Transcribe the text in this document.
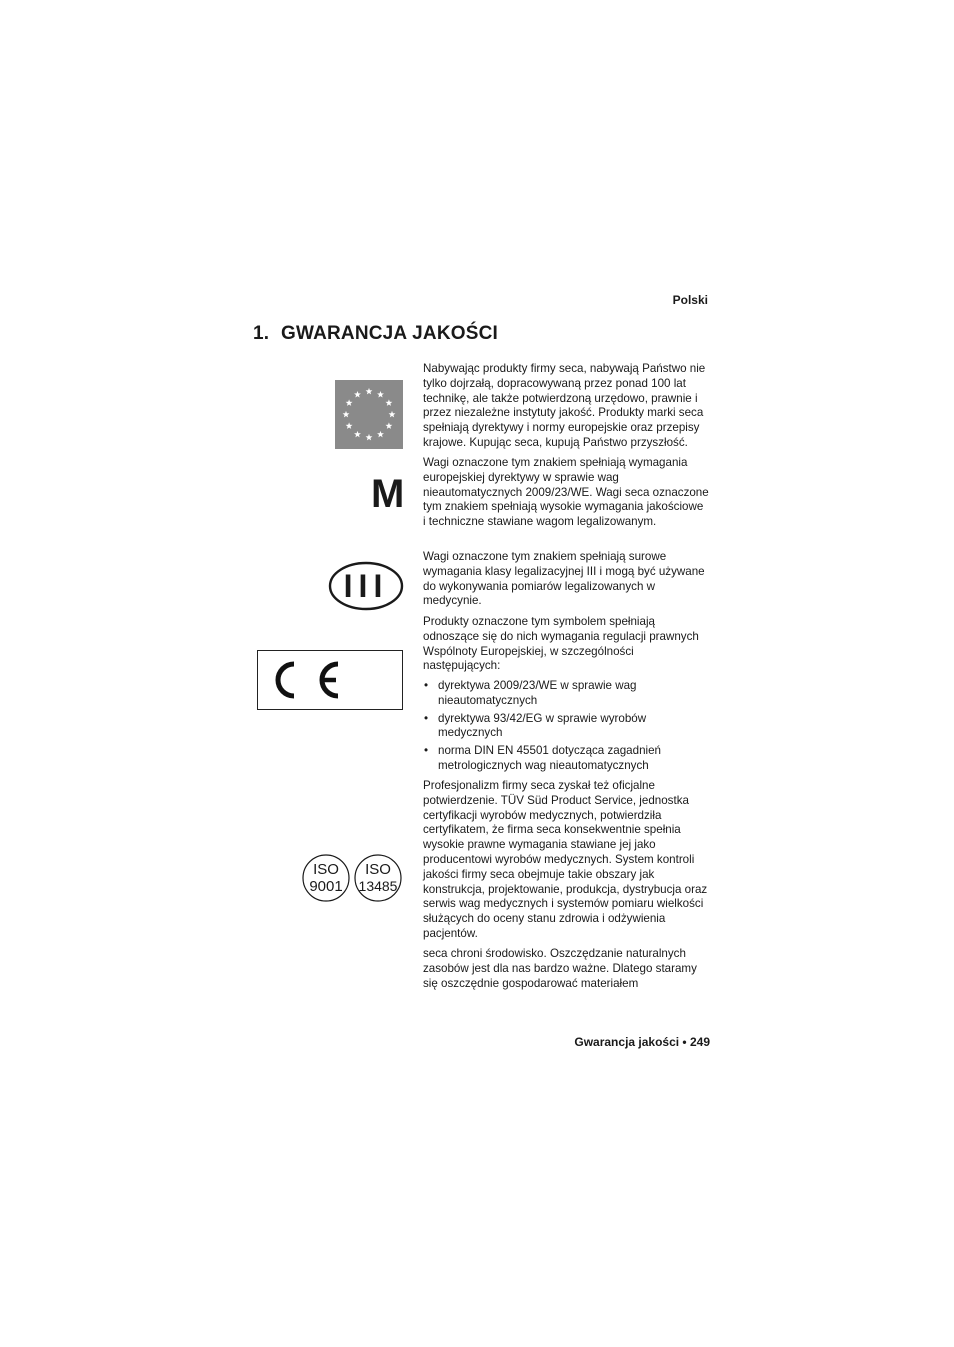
Polski
1. GWARANCJA JAKOŚCI
M
III
ISO
9001
ISO
13485

Nabywając produkty firmy seca, nabywają Państwo nie tylko dojrzałą, dopracowywaną przez ponad 100 lat technikę, ale także potwierdzoną urzędowo, prawnie i przez niezależne instytuty jakość. Produkty marki seca spełniają dyrektywy i normy europejskie oraz przepisy krajowe. Kupując seca, kupują Państwo przyszłość.

Wagi oznaczone tym znakiem spełniają wymagania europejskiej dyrektywy w sprawie wag nieautomatycznych 2009/23/WE. Wagi seca oznaczone tym znakiem spełniają wysokie wymagania jakościowe i techniczne stawiane wagom legalizowanym.

Wagi oznaczone tym znakiem spełniają surowe wymagania klasy legalizacyjnej III i mogą być używane do wykonywania pomiarów legalizowanych w medycynie.

Produkty oznaczone tym symbolem spełniają odnoszące się do nich wymagania regulacji prawnych Wspólnoty Europejskiej, w szczególności następujących:

• dyrektywa 2009/23/WE w sprawie wag nieautomatycznych
• dyrektywa 93/42/EG w sprawie wyrobów medycznych
• norma DIN EN 45501 dotycząca zagadnień metrologicznych wag nieautomatycznych

Profesjonalizm firmy seca zyskał też oficjalne potwierdzenie. TÜV Süd Product Service, jednostka certyfikacji wyrobów medycznych, potwierdziła certyfikatem, że firma seca konsekwentnie spełnia wysokie prawne wymagania stawiane jej jako producentowi wyrobów medycznych. System kontroli jakości firmy seca obejmuje takie obszary jak konstrukcja, projektowanie, produkcja, dystrybucja oraz serwis wag medycznych i systemów pomiaru wielkości służących do oceny stanu zdrowia i odżywienia pacjentów.

seca chroni środowisko. Oszczędzanie naturalnych zasobów jest dla nas bardzo ważne. Dlatego staramy się oszczędnie gospodarować materiałem

Gwarancja jakości • 249
